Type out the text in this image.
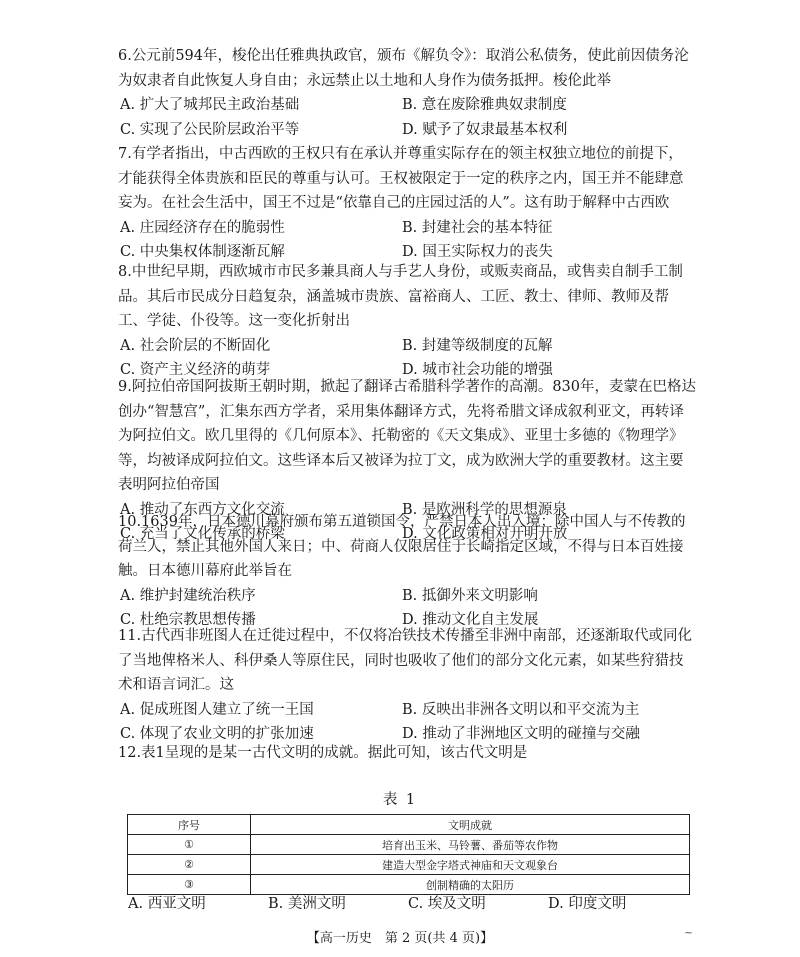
6.公元前594年，梭伦出任雅典执政官，颁布《解负令》：取消公私债务，使此前因债务沦为奴隶者自此恢复人身自由；永远禁止以土地和人身作为债务抵押。梭伦此举
A. 扩大了城邦民主政治基础	B. 意在废除雅典奴隶制度
C. 实现了公民阶层政治平等	D. 赋予了奴隶最基本权利
7.有学者指出，中古西欧的王权只有在承认并尊重实际存在的领主权独立地位的前提下，才能获得全体贵族和臣民的尊重与认可。王权被限定于一定的秩序之内，国王并不能肆意妄为。在社会生活中，国王不过是“依靠自己的庄园过活的人”。这有助于解释中古西欧
A. 庄园经济存在的脆弱性	B. 封建社会的基本特征
C. 中央集权体制逐渐瓦解	D. 国王实际权力的丧失
8.中世纪早期，西欧城市市民多兼具商人与手艺人身份，或贩卖商品，或售卖自制手工制品。其后市民成分日趋复杂，涵盖城市贵族、富裕商人、工匠、教士、律师、教师及帮工、学徒、仆役等。这一变化折射出
A. 社会阶层的不断固化	B. 封建等级制度的瓦解
C. 资产主义经济的萌芽	D. 城市社会功能的增强
9.阿拉伯帝国阿拔斯王朝时期，掀起了翻译古希腊科学著作的高潮。830年，麦蒙在巴格达创办“智慧宫”，汇集东西方学者，采用集体翻译方式，先将希腊文译成叙利亚文，再转译为阿拉伯文。欧几里得的《几何原本》、托勒密的《天文集成》、亚里士多德的《物理学》等，均被译成阿拉伯文。这些译本后又被译为拉丁文，成为欧洲大学的重要教材。这主要表明阿拉伯帝国
A. 推动了东西方文化交流	B. 是欧洲科学的思想源泉
C. 充当了文化传承的桥梁	D. 文化政策相对开明开放
10.1639年，日本德川幕府颁布第五道锁国令，严禁日本人出入境；除中国人与不传教的荷兰人，禁止其他外国人来日；中、荷商人仅限居住于长崎指定区域，不得与日本百姓接触。日本德川幕府此举旨在
A. 维护封建统治秩序	B. 抵御外来文明影响
C. 杜绝宗教思想传播	D. 推动文化自主发展
11.古代西非班图人在迁徙过程中，不仅将冶铁技术传播至非洲中南部，还逐渐取代或同化了当地俾格米人、科伊桑人等原住民，同时也吸收了他们的部分文化元素，如某些狩猎技术和语言词汇。这
A. 促成班图人建立了统一王国	B. 反映出非洲各文明以和平交流为主
C. 体现了农业文明的扩张加速	D. 推动了非洲地区文明的碰撞与交融
12.表1呈现的是某一古代文明的成就。据此可知，该古代文明是
表 1
序号	文明成就
①	培育出玉米、马铃薯、番茄等农作物
②	建造大型金字塔式神庙和天文观象台
③	创制精确的太阳历
A. 西亚文明	B. 美洲文明	C. 埃及文明	D. 印度文明
【高一历史　第 2 页(共 4 页)】	~
